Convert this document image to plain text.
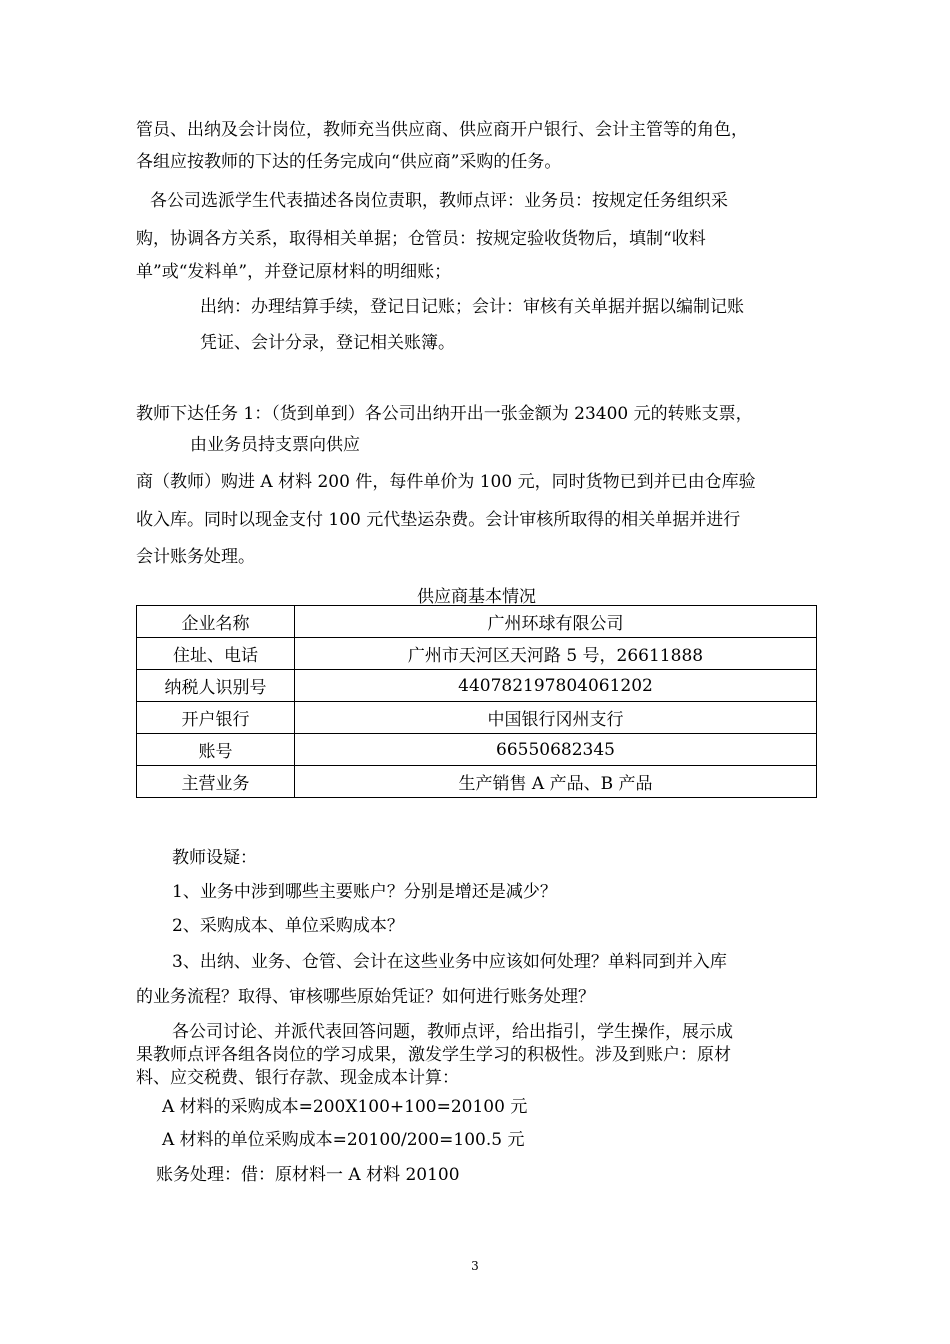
管员、出纳及会计岗位，教师充当供应商、供应商开户银行、会计主管等的角色，

各组应按教师的下达的任务完成向“供应商”采购的任务。

各公司选派学生代表描述各岗位责职，教师点评：业务员：按规定任务组织采

购，协调各方关系，取得相关单据；仓管员：按规定验收货物后，填制“收料

单”或“发料单”，并登记原材料的明细账；

出纳：办理结算手续，登记日记账；会计：审核有关单据并据以编制记账

凭证、会计分录，登记相关账簿。

教师下达任务 1：（货到单到）各公司出纳开出一张金额为 23400 元的转账支票，

由业务员持支票向供应

商（教师）购进 A 材料 200 件，每件单价为 100 元，同时货物已到并已由仓库验

收入库。同时以现金支付 100 元代垫运杂费。会计审核所取得的相关单据并进行

会计账务处理。

供应商基本情况
企业名称	广州环球有限公司
住址、电话	广州市天河区天河路 5 号，26611888
纳税人识别号	440782197804061202
开户银行	中国银行冈州支行
账号	66550682345
主营业务	生产销售 A 产品、B 产品

教师设疑：

1、业务中涉到哪些主要账户？分别是增还是减少？

2、采购成本、单位采购成本？

3、出纳、业务、仓管、会计在这些业务中应该如何处理？单料同到并入库

的业务流程？取得、审核哪些原始凭证？如何进行账务处理？

各公司讨论、并派代表回答问题，教师点评，给出指引，学生操作，展示成

果教师点评各组各岗位的学习成果，激发学生学习的积极性。涉及到账户：原材

料、应交税费、银行存款、现金成本计算：

A 材料的采购成本=200X100+100=20100 元

A 材料的单位采购成本=20100/200=100.5 元

账务处理：借：原材料一 A 材料 20100

3
